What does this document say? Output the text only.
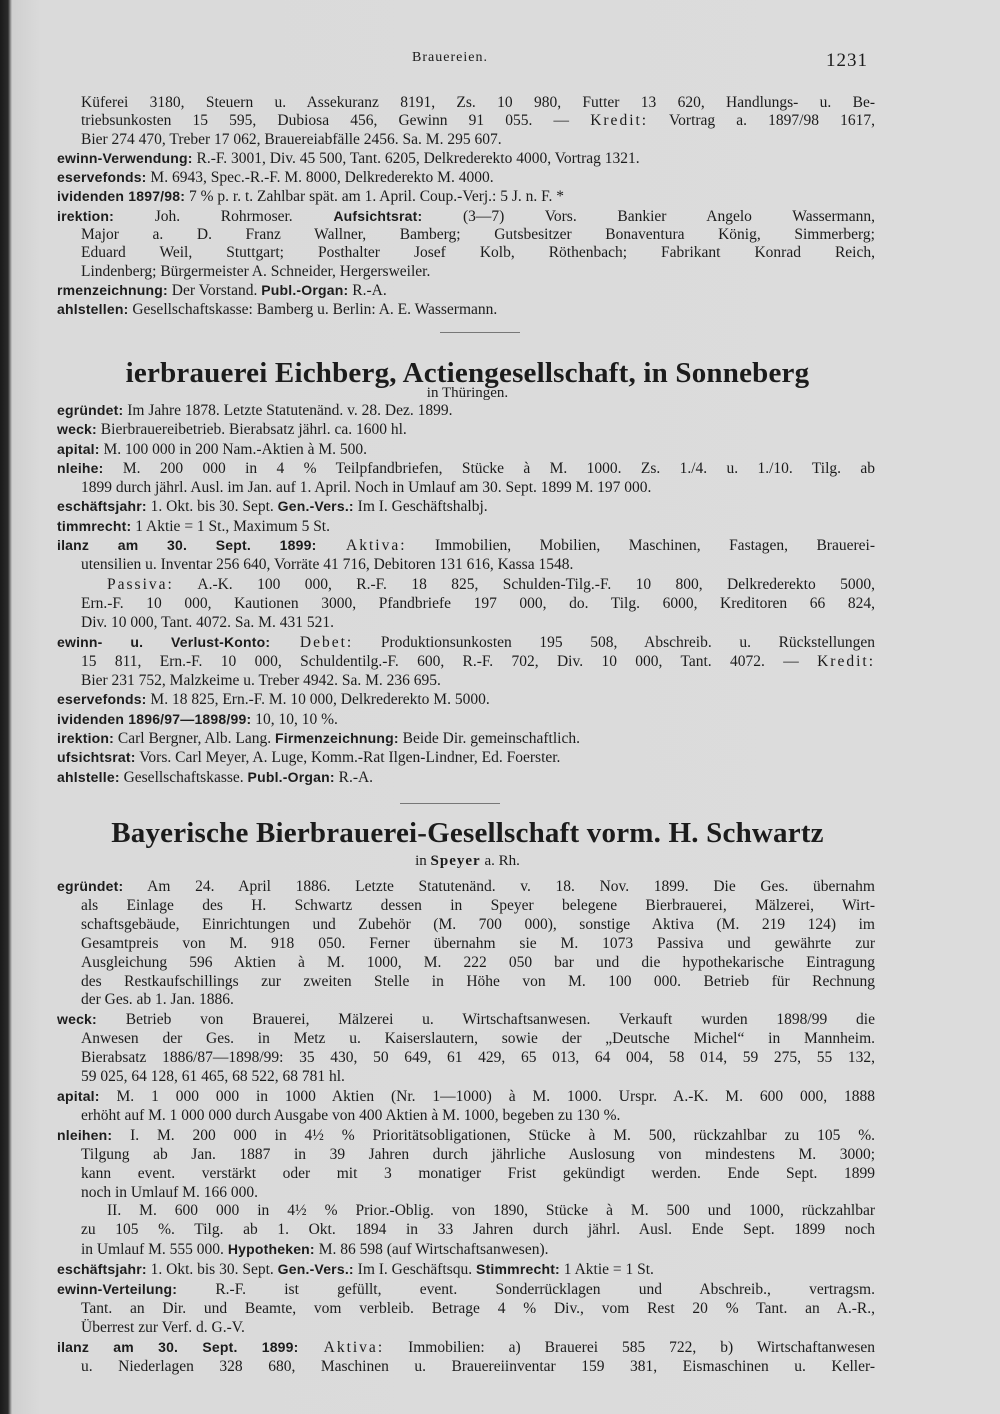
Brauereien.	1231
Küferei 3180, Steuern u. Assekuranz 8191, Zs. 10 980, Futter 13 620, Handlungs- u. Be-
triebsunkosten 15 595, Dubiosa 456, Gewinn 91 055. — Kredit: Vortrag a. 1897/98 1617,
Bier 274 470, Treber 17 062, Brauereiabfälle 2456. Sa. M. 295 607.
ewinn-Verwendung: R.-F. 3001, Div. 45 500, Tant. 6205, Delkrederekto 4000, Vortrag 1321.
eservefonds: M. 6943, Spec.-R.-F. M. 8000, Delkrederekto M. 4000.
ividenden 1897/98: 7 % p. r. t. Zahlbar spät. am 1. April. Coup.-Verj.: 5 J. n. F. *
irektion: Joh. Rohrmoser. Aufsichtsrat: (3—7) Vors. Bankier Angelo Wassermann,
Major a. D. Franz Wallner, Bamberg; Gutsbesitzer Bonaventura König, Simmerberg;
Eduard Weil, Stuttgart; Posthalter Josef Kolb, Röthenbach; Fabrikant Konrad Reich,
Lindenberg; Bürgermeister A. Schneider, Hergersweiler.
rmenzeichnung: Der Vorstand. Publ.-Organ: R.-A.
ahlstellen: Gesellschaftskasse: Bamberg u. Berlin: A. E. Wassermann.
ierbrauerei Eichberg, Actiengesellschaft, in Sonneberg
in Thüringen.
egründet: Im Jahre 1878. Letzte Statutenänd. v. 28. Dez. 1899.
weck: Bierbrauereibetrieb. Bierabsatz jährl. ca. 1600 hl.
apital: M. 100 000 in 200 Nam.-Aktien à M. 500.
nleihe: M. 200 000 in 4 % Teilpfandbriefen, Stücke à M. 1000. Zs. 1./4. u. 1./10. Tilg. ab
1899 durch jährl. Ausl. im Jan. auf 1. April. Noch in Umlauf am 30. Sept. 1899 M. 197 000.
eschäftsjahr: 1. Okt. bis 30. Sept. Gen.-Vers.: Im I. Geschäftshalbj.
timmrecht: 1 Aktie = 1 St., Maximum 5 St.
ilanz am 30. Sept. 1899: Aktiva: Immobilien, Mobilien, Maschinen, Fastagen, Brauerei-
utensilien u. Inventar 256 640, Vorräte 41 716, Debitoren 131 616, Kassa 1548.
Passiva: A.-K. 100 000, R.-F. 18 825, Schulden-Tilg.-F. 10 800, Delkrederekto 5000,
Ern.-F. 10 000, Kautionen 3000, Pfandbriefe 197 000, do. Tilg. 6000, Kreditoren 66 824,
Div. 10 000, Tant. 4072. Sa. M. 431 521.
ewinn- u. Verlust-Konto: Debet: Produktionsunkosten 195 508, Abschreib. u. Rückstellungen
15 811, Ern.-F. 10 000, Schuldentilg.-F. 600, R.-F. 702, Div. 10 000, Tant. 4072. — Kredit:
Bier 231 752, Malzkeime u. Treber 4942. Sa. M. 236 695.
eservefonds: M. 18 825, Ern.-F. M. 10 000, Delkrederekto M. 5000.
ividenden 1896/97—1898/99: 10, 10, 10 %.
irektion: Carl Bergner, Alb. Lang. Firmenzeichnung: Beide Dir. gemeinschaftlich.
ufsichtsrat: Vors. Carl Meyer, A. Luge, Komm.-Rat Ilgen-Lindner, Ed. Foerster.
ahlstelle: Gesellschaftskasse. Publ.-Organ: R.-A.
Bayerische Bierbrauerei-Gesellschaft vorm. H. Schwartz
in Speyer a. Rh.
egründet: Am 24. April 1886. Letzte Statutenänd. v. 18. Nov. 1899. Die Ges. übernahm
als Einlage des H. Schwartz dessen in Speyer belegene Bierbrauerei, Mälzerei, Wirt-
schaftsgebäude, Einrichtungen und Zubehör (M. 700 000), sonstige Aktiva (M. 219 124) im
Gesamtpreis von M. 918 050. Ferner übernahm sie M. 1073 Passiva und gewährte zur
Ausgleichung 596 Aktien à M. 1000, M. 222 050 bar und die hypothekarische Eintragung
des Restkaufschillings zur zweiten Stelle in Höhe von M. 100 000. Betrieb für Rechnung
der Ges. ab 1. Jan. 1886.
weck: Betrieb von Brauerei, Mälzerei u. Wirtschaftsanwesen. Verkauft wurden 1898/99 die
Anwesen der Ges. in Metz u. Kaiserslautern, sowie der „Deutsche Michel“ in Mannheim.
Bierabsatz 1886/87—1898/99: 35 430, 50 649, 61 429, 65 013, 64 004, 58 014, 59 275, 55 132,
59 025, 64 128, 61 465, 68 522, 68 781 hl.
apital: M. 1 000 000 in 1000 Aktien (Nr. 1—1000) à M. 1000. Urspr. A.-K. M. 600 000, 1888
erhöht auf M. 1 000 000 durch Ausgabe von 400 Aktien à M. 1000, begeben zu 130 %.
nleihen: I. M. 200 000 in 4½ % Prioritätsobligationen, Stücke à M. 500, rückzahlbar zu 105 %.
Tilgung ab Jan. 1887 in 39 Jahren durch jährliche Auslosung von mindestens M. 3000;
kann event. verstärkt oder mit 3 monatiger Frist gekündigt werden. Ende Sept. 1899
noch in Umlauf M. 166 000.
II. M. 600 000 in 4½ % Prior.-Oblig. von 1890, Stücke à M. 500 und 1000, rückzahlbar
zu 105 %. Tilg. ab 1. Okt. 1894 in 33 Jahren durch jährl. Ausl. Ende Sept. 1899 noch
in Umlauf M. 555 000. Hypotheken: M. 86 598 (auf Wirtschaftsanwesen).
eschäftsjahr: 1. Okt. bis 30. Sept. Gen.-Vers.: Im I. Geschäftsqu. Stimmrecht: 1 Aktie = 1 St.
ewinn-Verteilung: R.-F. ist gefüllt, event. Sonderrücklagen und Abschreib., vertragsm.
Tant. an Dir. und Beamte, vom verbleib. Betrage 4 % Div., vom Rest 20 % Tant. an A.-R.,
Überrest zur Verf. d. G.-V.
ilanz am 30. Sept. 1899: Aktiva: Immobilien: a) Brauerei 585 722, b) Wirtschaftanwesen
u. Niederlagen 328 680, Maschinen u. Brauereiinventar 159 381, Eismaschinen u. Keller-
